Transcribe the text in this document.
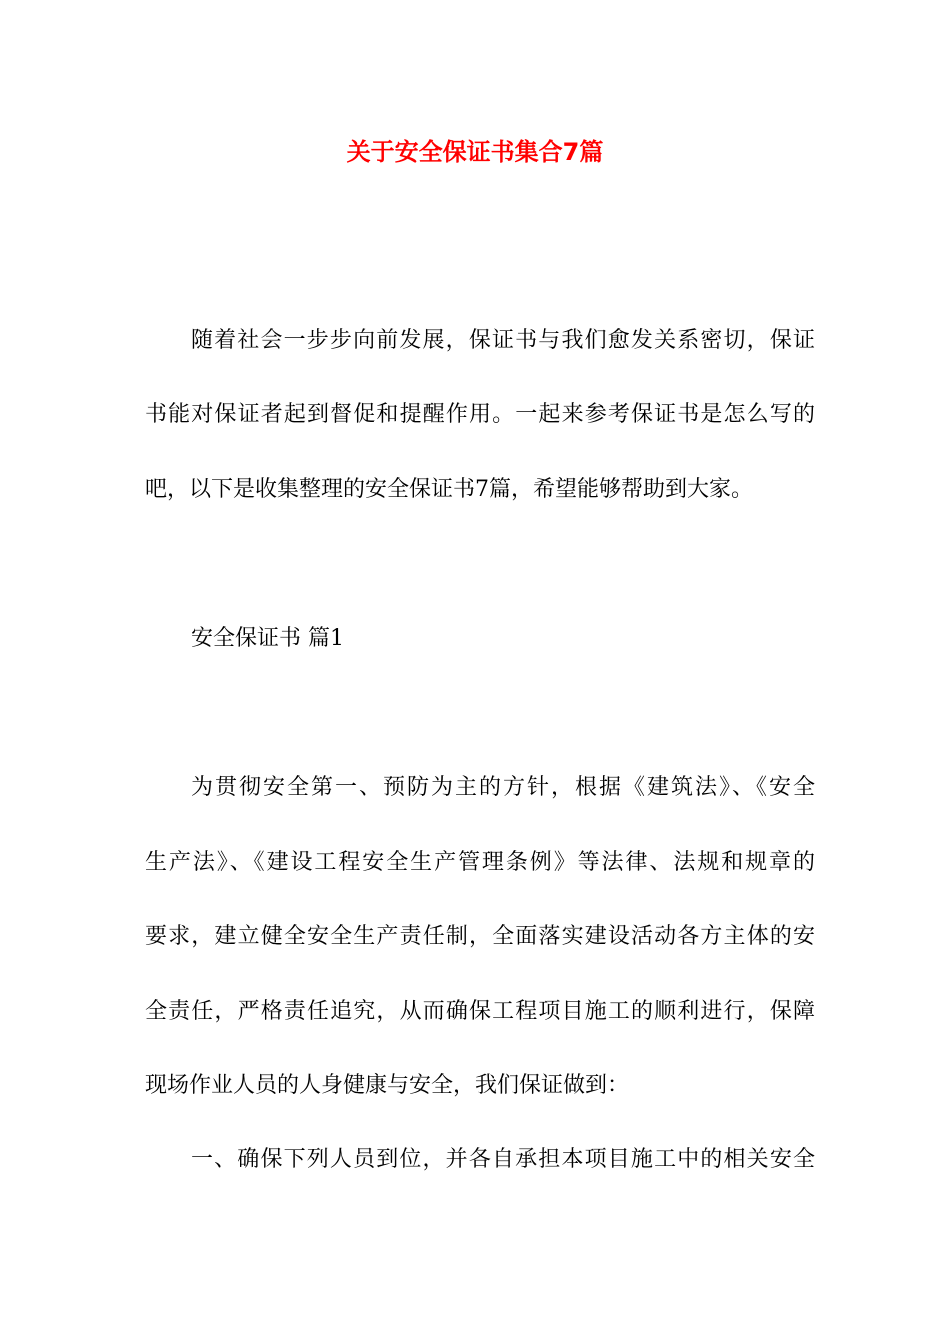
关于安全保证书集合7篇
随着社会一步步向前发展，保证书与我们愈发关系密切，保证
书能对保证者起到督促和提醒作用。一起来参考保证书是怎么写的
吧，以下是收集整理的安全保证书7篇，希望能够帮助到大家。
安全保证书 篇1
为贯彻安全第一、预防为主的方针，根据《建筑法》、《安全
生产法》、《建设工程安全生产管理条例》等法律、法规和规章的
要求，建立健全安全生产责任制，全面落实建设活动各方主体的安
全责任，严格责任追究，从而确保工程项目施工的顺利进行，保障
现场作业人员的人身健康与安全，我们保证做到：
一、确保下列人员到位，并各自承担本项目施工中的相关安全
